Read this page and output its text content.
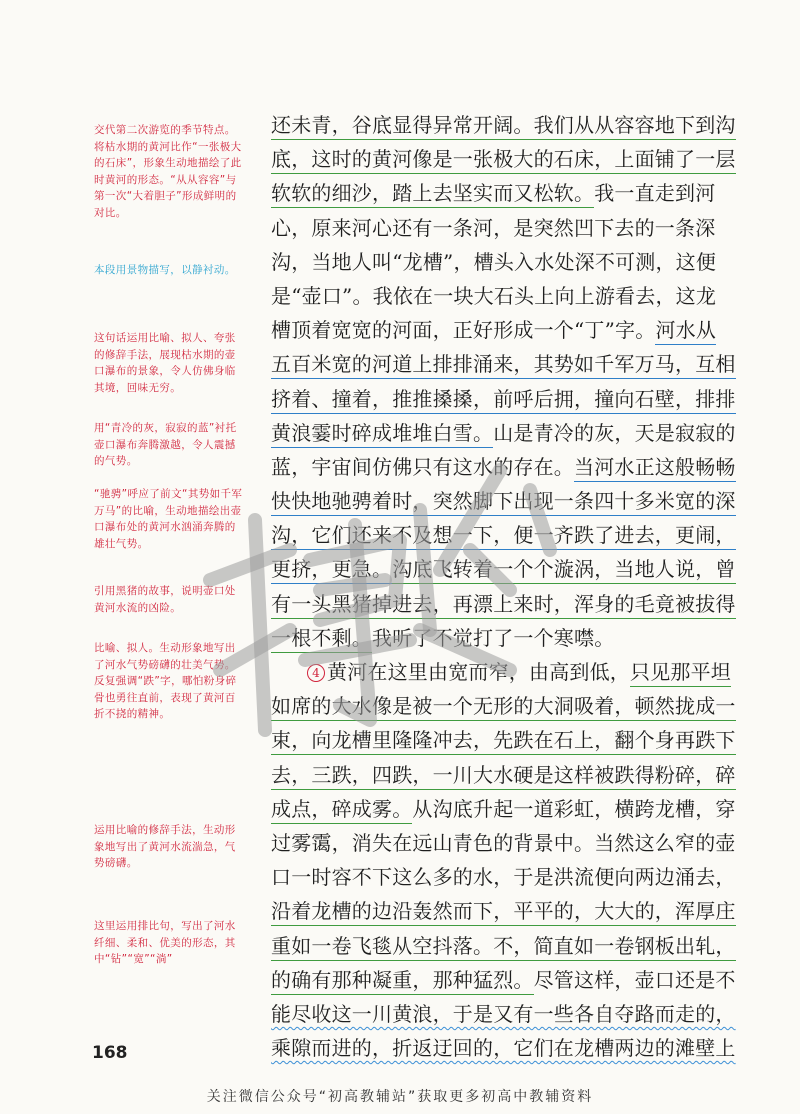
交代第二次游览的季节特点。将枯水期的黄河比作“一张极大的石床”，形象生动地描绘了此时黄河的形态。“从从容容”与第一次“大着胆子”形成鲜明的对比。
本段用景物描写，以静衬动。
这句话运用比喻、拟人、夸张的修辞手法，展现枯水期的壶口瀑布的景象，令人仿佛身临其境，回味无穷。
用“青冷的灰，寂寂的蓝”衬托壶口瀑布奔腾激越，令人震撼的气势。
“驰骋”呼应了前文“其势如千军万马”的比喻，生动地描绘出壶口瀑布处的黄河水汹涌奔腾的雄壮气势。
引用黑猪的故事，说明壶口处黄河水流的凶险。
比喻、拟人。生动形象地写出了河水气势磅礴的壮美气势。反复强调“跌”字，哪怕粉身碎骨也勇往直前，表现了黄河百折不挠的精神。
运用比喻的修辞手法，生动形象地写出了黄河水流湍急，气势磅礴。
这里运用排比句，写出了河水纤细、柔和、优美的形态，其中“钻”“宽”“淌”
还未青，谷底显得异常开阔。我们从从容容地下到沟
底，这时的黄河像是一张极大的石床，上面铺了一层
软软的细沙，踏上去坚实而又松软。我一直走到河
心，原来河心还有一条河，是突然凹下去的一条深
沟，当地人叫“龙槽”，槽头入水处深不可测，这便
是“壶口”。我依在一块大石头上向上游看去，这龙
槽顶着宽宽的河面，正好形成一个“丁”字。河水从
五百米宽的河道上排排涌来，其势如千军万马，互相
挤着、撞着，推推搡搡，前呼后拥，撞向石壁，排排
黄浪霎时碎成堆堆白雪。山是青冷的灰，天是寂寂的
蓝，宇宙间仿佛只有这水的存在。当河水正这般畅畅
快快地驰骋着时，突然脚下出现一条四十多米宽的深
沟，它们还来不及想一下，便一齐跌了进去，更闹，
更挤，更急。沟底飞转着一个个漩涡，当地人说，曾
有一头黑猪掉进去，再漂上来时，浑身的毛竟被拔得
一根不剩。我听了不觉打了一个寒噤。
4 黄河在这里由宽而窄，由高到低，只见那平坦
如席的大水像是被一个无形的大洞吸着，顿然拢成一
束，向龙槽里隆隆冲去，先跌在石上，翻个身再跌下
去，三跌，四跌，一川大水硬是这样被跌得粉碎，碎
成点，碎成雾。从沟底升起一道彩虹，横跨龙槽，穿
过雾霭，消失在远山青色的背景中。当然这么窄的壶
口一时容不下这么多的水，于是洪流便向两边涌去，
沿着龙槽的边沿轰然而下，平平的，大大的，浑厚庄
重如一卷飞毯从空抖落。不，简直如一卷钢板出轧，
的确有那种凝重，那种猛烈。尽管这样，壶口还是不
能尽收这一川黄浪，于是又有一些各自夺路而走的，
乘隙而进的，折返迂回的，它们在龙槽两边的滩壁上
168
关注微信公众号“初高教辅站”获取更多初高中教辅资料
